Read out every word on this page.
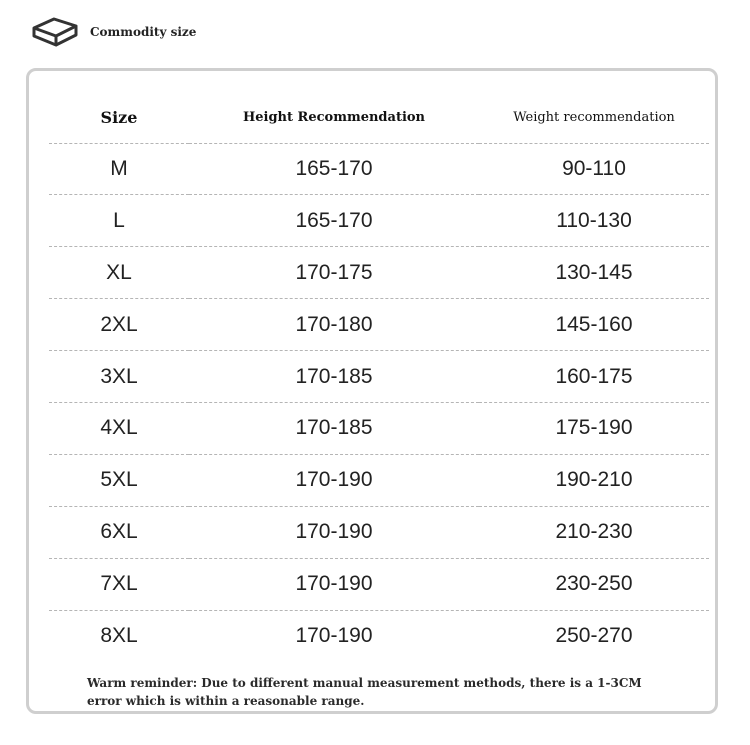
Commodity size
Size	Height Recommendation	Weight recommendation
M	165-170	90-110
L	165-170	110-130
XL	170-175	130-145
2XL	170-180	145-160
3XL	170-185	160-175
4XL	170-185	175-190
5XL	170-190	190-210
6XL	170-190	210-230
7XL	170-190	230-250
8XL	170-190	250-270
Warm reminder: Due to different manual measurement methods, there is a 1-3CM error which is within a reasonable range.
